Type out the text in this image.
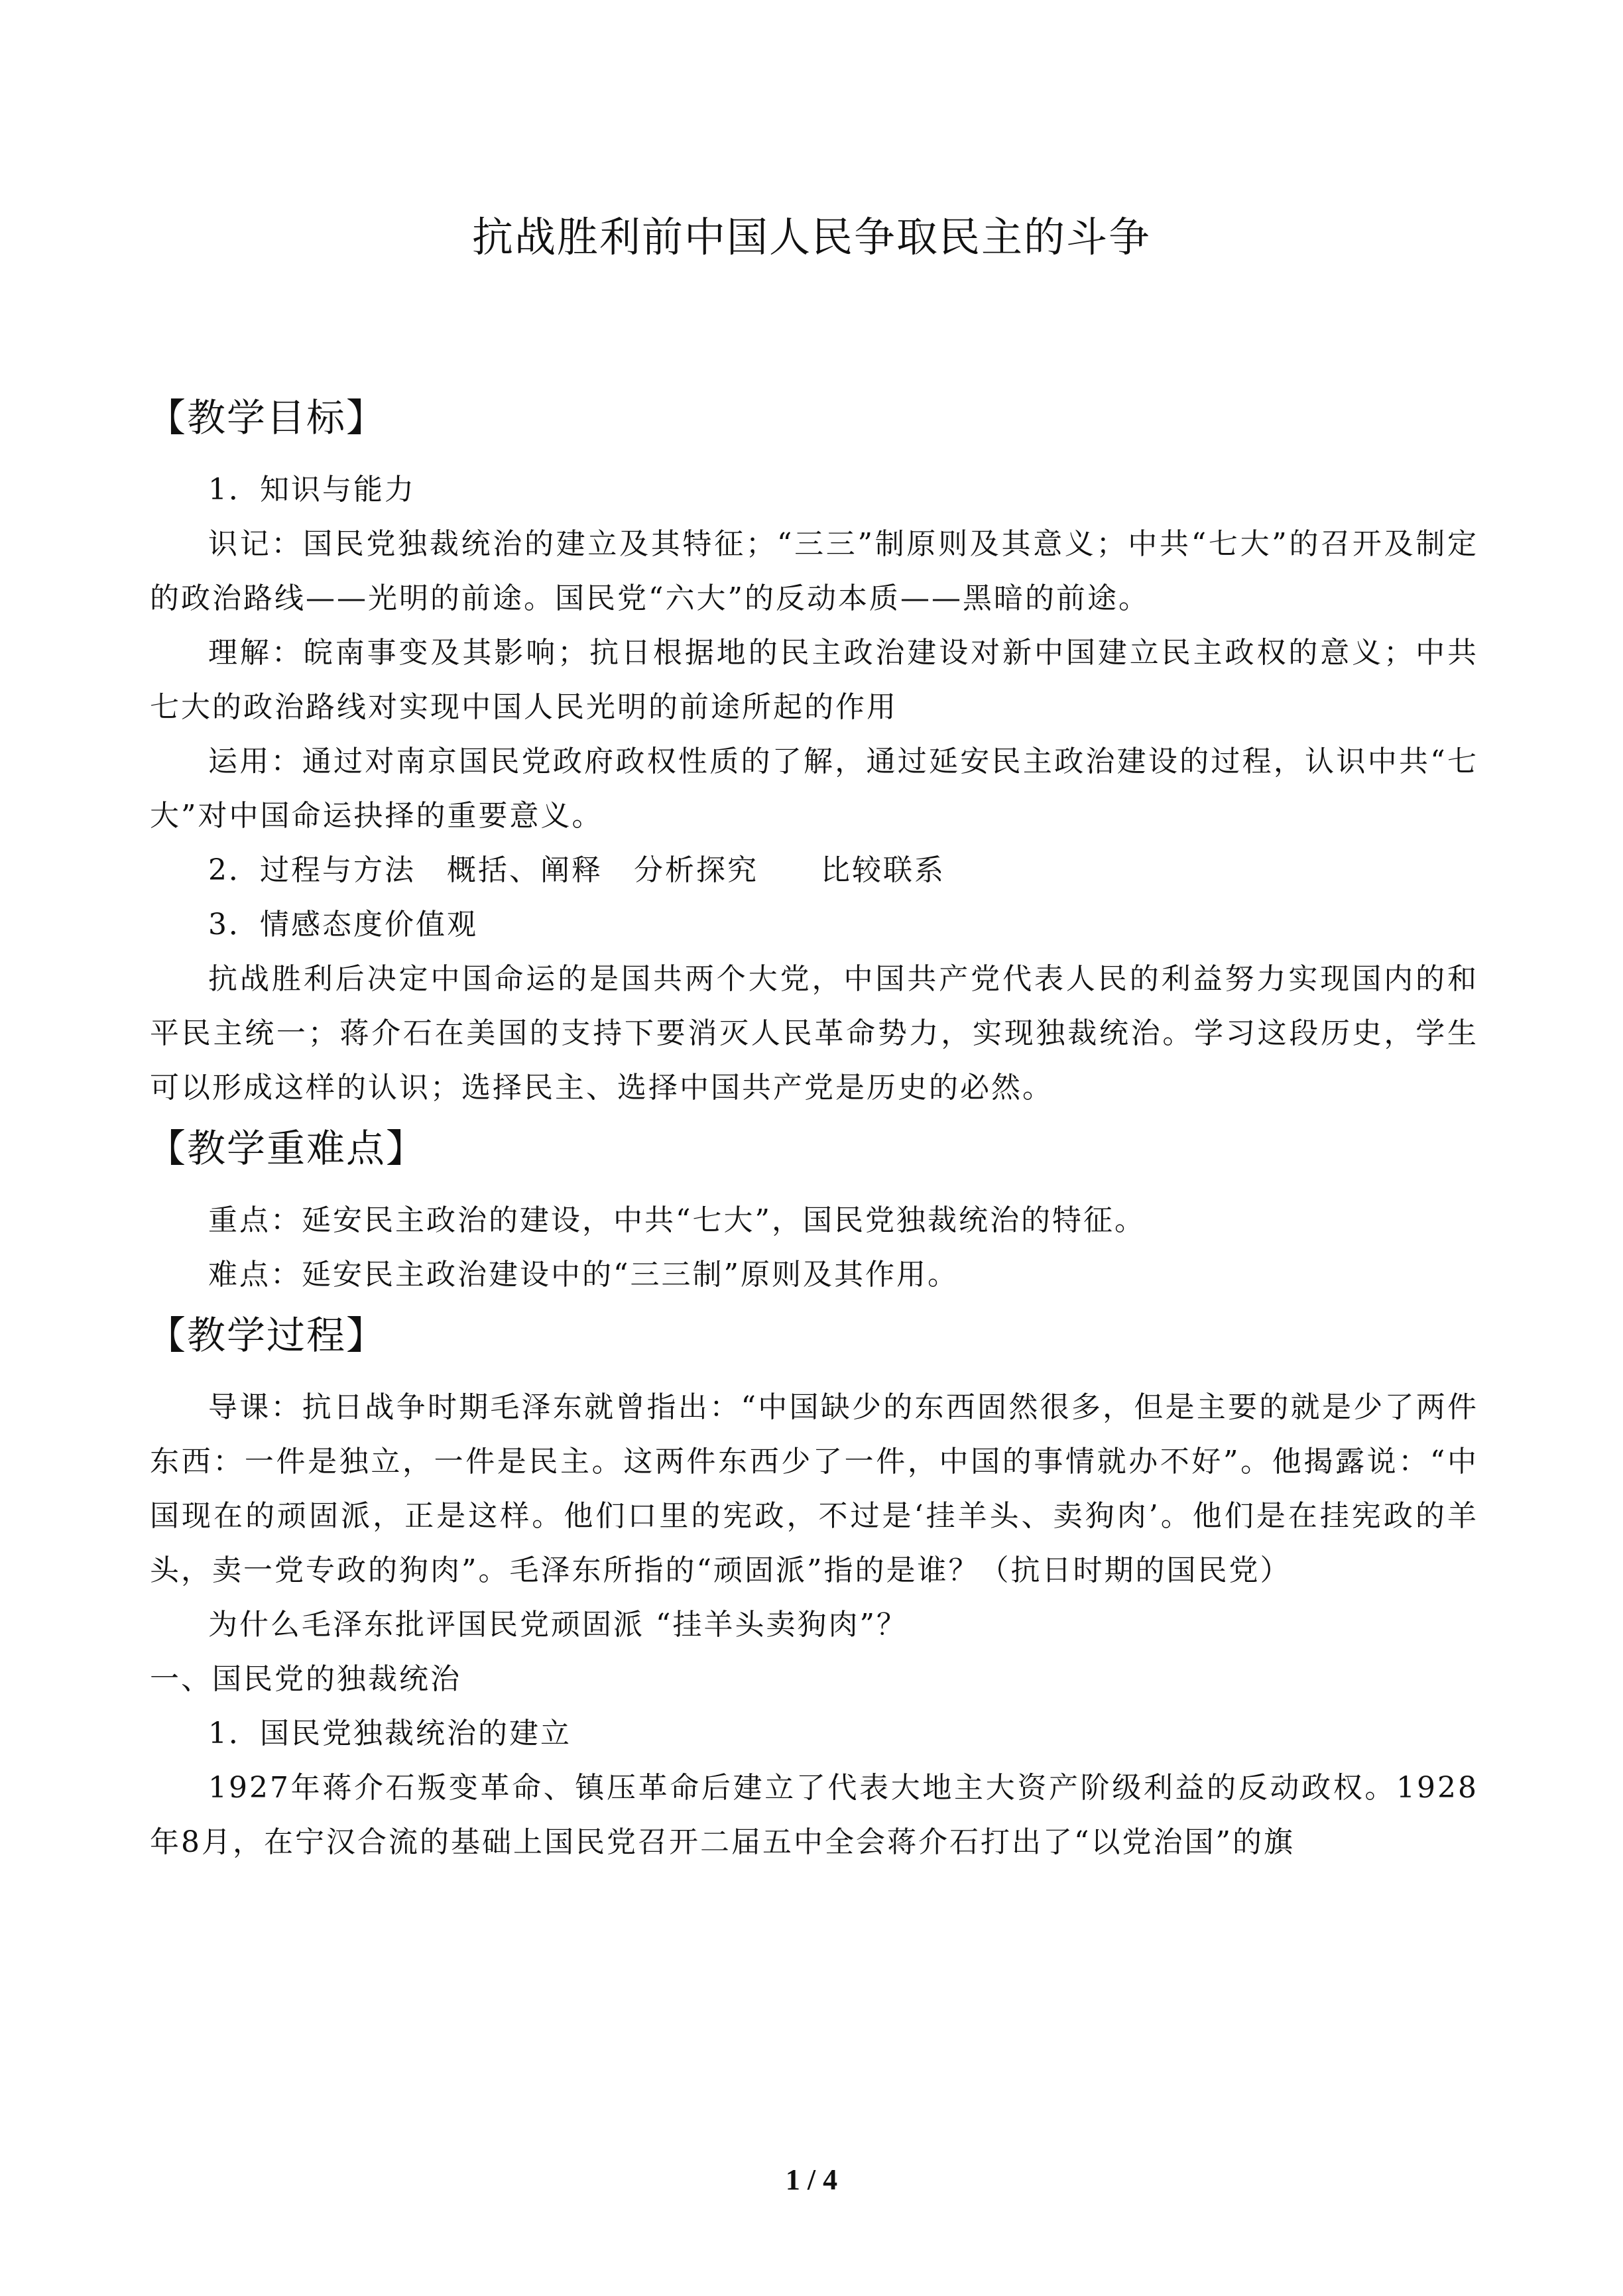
抗战胜利前中国人民争取民主的斗争
【教学目标】

1．知识与能力

识记：国民党独裁统治的建立及其特征；“三三”制原则及其意义；中共“七大”的召开及制定的政治路线——光明的前途。国民党“六大”的反动本质——黑暗的前途。

理解：皖南事变及其影响；抗日根据地的民主政治建设对新中国建立民主政权的意义；中共七大的政治路线对实现中国人民光明的前途所起的作用

运用：通过对南京国民党政府政权性质的了解，通过延安民主政治建设的过程，认识中共“七大”对中国命运抉择的重要意义。

2．过程与方法　概括、阐释　分析探究　　比较联系

3．情感态度价值观

抗战胜利后决定中国命运的是国共两个大党，中国共产党代表人民的利益努力实现国内的和平民主统一；蒋介石在美国的支持下要消灭人民革命势力，实现独裁统治。学习这段历史，学生可以形成这样的认识；选择民主、选择中国共产党是历史的必然。

【教学重难点】

重点：延安民主政治的建设，中共“七大”，国民党独裁统治的特征。

难点：延安民主政治建设中的“三三制”原则及其作用。

【教学过程】

导课：抗日战争时期毛泽东就曾指出：“中国缺少的东西固然很多，但是主要的就是少了两件东西：一件是独立，一件是民主。这两件东西少了一件，中国的事情就办不好”。他揭露说：“中国现在的顽固派，正是这样。他们口里的宪政，不过是‘挂羊头、卖狗肉’。他们是在挂宪政的羊头，卖一党专政的狗肉”。毛泽东所指的“顽固派”指的是谁？（抗日时期的国民党）

为什么毛泽东批评国民党顽固派 “挂羊头卖狗肉”？

一、国民党的独裁统治

1．国民党独裁统治的建立

1927年蒋介石叛变革命、镇压革命后建立了代表大地主大资产阶级利益的反动政权。1928年8月，在宁汉合流的基础上国民党召开二届五中全会蒋介石打出了“以党治国”的旗

1 / 4
